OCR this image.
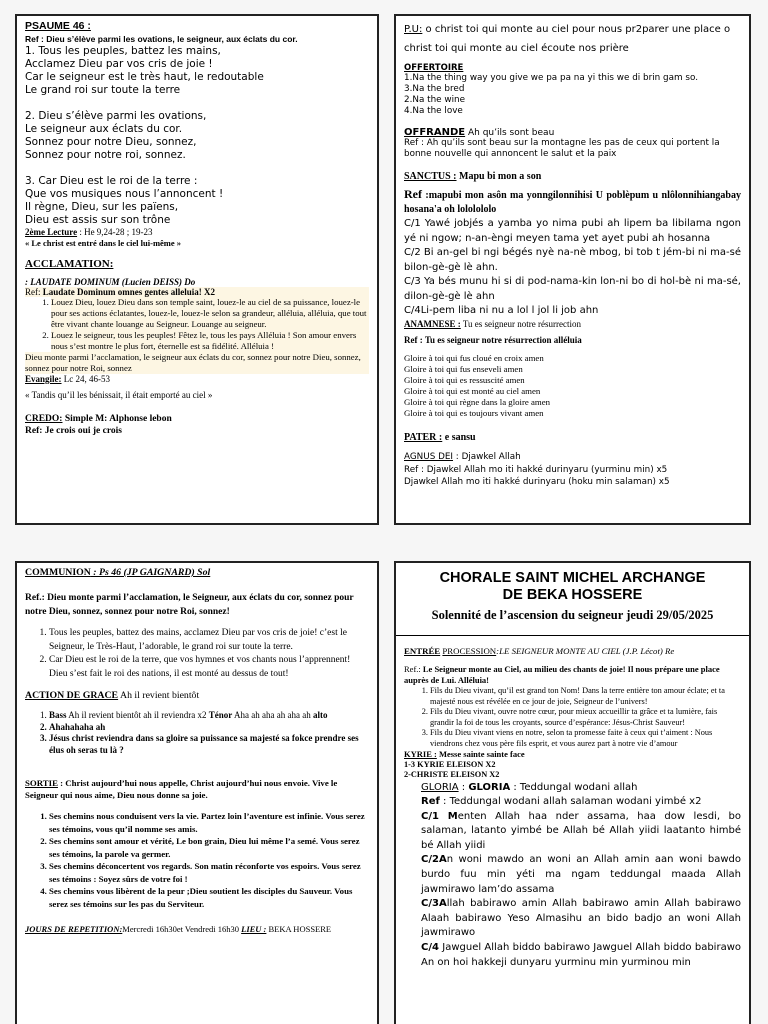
PSAUME 46 :

Ref : Dieu s’élève parmi les ovations, le seigneur, aux éclats du cor.

1. Tous les peuples, battez les mains,

Acclamez Dieu par vos cris de joie !

Car le seigneur est le très haut, le redoutable

Le grand roi sur toute la terre

2. Dieu s’élève parmi les ovations,

Le seigneur aux éclats du cor.

Sonnez pour notre Dieu, sonnez,

Sonnez pour notre roi, sonnez.

3. Car Dieu est le roi de la terre :

Que vos musiques nous l’annoncent !

Il règne, Dieu, sur les païens,

Dieu est assis sur son trône

2ème Lecture : He 9,24-28 ; 19-23

« Le christ est entré dans le ciel lui-même »

ACCLAMATION:

: LAUDATE DOMINUM (Lucien DEISS) Do

Ref: Laudate Dominum omnes gentes alleluia! X2

1. Louez Dieu, louez Dieu dans son temple saint, louez-le au ciel de sa puissance, louez-le pour ses actions éclatantes, louez-le, louez-le selon sa grandeur, alléluia, alléluia, que tout être vivant chante louange au Seigneur. Louange au seigneur.
2. Louez le seigneur, tous les peuples! Fêtez le, tous les pays Alléluia ! Son amour envers nous s’est montre le plus fort, éternelle est sa fidélité. Alléluia !

Dieu monte parmi l’acclamation, le seigneur aux éclats du cor, sonnez pour notre Dieu, sonnez, sonnez pour notre Roi, sonnez

Evangile: Lc 24, 46-53

« Tandis qu’il les bénissait, il était emporté au ciel »

CREDO: Simple M: Alphonse lebon

Ref: Je crois oui je crois

P.U: o christ toi qui monte au ciel pour nous pr2parer une place o christ toi qui monte au ciel écoute nos prière

OFFERTOIRE

1.Na the thing way you give we pa pa na yi this we di brin gam so.

3.Na the bred

2.Na the wine

4.Na the love

OFFRANDE Ah qu’ils sont beau

Ref : Ah qu’ils sont beau sur la montagne les pas de ceux qui portent la bonne nouvelle qui annoncent le salut et la paix

SANCTUS : Mapu bi mon a son

Ref :mapubi mon asôn ma yonngilonnihisi U poblèpum u nlôlonnihiangabay hosana'a oh lololololo

C/1 Yawé jobjés a yamba yo nima pubi ah lipem ba libilama ngon yé ni ngow; n-an-èngi meyen tama yet ayet pubi ah hosanna

C/2 Bi an-gel bi ngi bégés nyè na-nè mbog, bi tob t jém-bi ni ma-sé bilon-gè-gè lè ahn.

C/3 Ya bés munu hi si di pod-nama-kin lon-ni bo di hol-bè ni ma-sé, dilon-gè-gè lè ahn

C/4Li-pem liba ni nu a lol l jol li job ahn

ANAMNESE : Tu es seigneur notre résurrection

Ref : Tu es seigneur notre résurrection alléluia

Gloire à toi qui fus cloué en croix amen

Gloire à toi qui fus enseveli amen

Gloire à toi qui es ressuscité amen

Gloire à toi qui est monté au ciel amen

Gloire à toi qui règne dans la gloire amen

Gloire à toi qui es toujours vivant amen

PATER : e sansu

AGNUS DEI : Djawkel Allah

Ref : Djawkel Allah mo iti hakké durinyaru (yurminu min) x5

Djawkel Allah mo iti hakké durinyaru (hoku min salaman) x5

COMMUNION : Ps 46 (JP GAIGNARD) Sol

Ref.: Dieu monte parmi l’acclamation, le Seigneur, aux éclats du cor, sonnez pour notre Dieu, sonnez, sonnez pour notre Roi, sonnez!

1. Tous les peuples, battez des mains, acclamez Dieu par vos cris de joie! c’est le Seigneur, le Très-Haut, l’adorable, le grand roi sur toute la terre.
2. Car Dieu est le roi de la terre, que vos hymnes et vos chants nous l’apprennent! Dieu s’est fait le roi des nations, il est monté au dessus de tout!

ACTION DE GRACE Ah il revient bientôt

1. Bass Ah il revient bientôt ah il reviendra x2 Ténor Aha ah aha ah aha ah alto
2. Ahahahaha ah
3. Jésus christ reviendra dans sa gloire sa puissance sa majesté sa fokce prendre ses élus oh seras tu là ?

SORTIE : Christ aujourd’hui nous appelle, Christ aujourd’hui nous envoie. Vive le Seigneur qui nous aime, Dieu nous donne sa joie.

1. Ses chemins nous conduisent vers la vie. Partez loin l’aventure est infinie. Vous serez ses témoins, vous qu’il nomme ses amis.
2. Ses chemins sont amour et vérité, Le bon grain, Dieu lui même l’a semé. Vous serez ses témoins, la parole va germer.
3. Ses chemins déconcertent vos regards. Son matin réconforte vos espoirs. Vous serez ses témoins : Soyez sûrs de votre foi !
4. Ses chemins vous libèrent de la peur ;Dieu soutient les disciples du Sauveur. Vous serez ses témoins sur les pas du Serviteur.

JOURS DE REPETITION:Mercredi 16h30et Vendredi 16h30 LIEU : BEKA HOSSERE

CHORALE SAINT MICHEL ARCHANGE

DE BEKA HOSSERE

Solennité de l’ascension du seigneur jeudi 29/05/2025

ENTRÉE PROCESSION:LE SEIGNEUR MONTE AU CIEL (J.P. Lécot) Re

Ref.: Le Seigneur monte au Ciel, au milieu des chants de joie! Il nous prépare une place auprès de Lui. Alléluia!

1. Fils du Dieu vivant, qu’il est grand ton Nom! Dans la terre entière ton amour éclate; et ta majesté nous est révélée en ce jour de joie, Seigneur de l’univers!
2. Fils du Dieu vivant, ouvre notre cœur, pour mieux accueillir ta grâce et ta lumière, fais grandir la foi de tous les croyants, source d’espérance: Jésus-Christ Sauveur!
3. Fils du Dieu vivant viens en notre, selon ta promesse faite à ceux qui t’aiment : Nous viendrons chez vous père fils esprit, et vous aurez part à notre vie d’amour

KYRIE : Messe sainte sainte face

1-3 KYRIE ELEISON X2

2-CHRISTE ELEISON X2

GLORIA : GLORIA : Teddungal wodani allah

Ref : Teddungal wodani allah salaman wodani yimbé x2

C/1 Menten Allah haa nder assama, haa dow lesdi, bo salaman, latanto yimbé be Allah bé Allah yiidi laatanto himbé bé Allah yiidi

C/2An woni mawdo an woni an Allah amin aan woni bawdo burdo fuu min yéti ma ngam teddungal maada Allah jawmirawo lam’do assama

C/3Allah babirawo amin Allah babirawo amin Allah babirawo Alaah babirawo Yeso Almasihu an bido badjo an woni Allah jawmirawo

C/4 Jawguel Allah biddo babirawo Jawguel Allah biddo babirawo An on hoi hakkeji dunyaru yurminu min yurminou min
